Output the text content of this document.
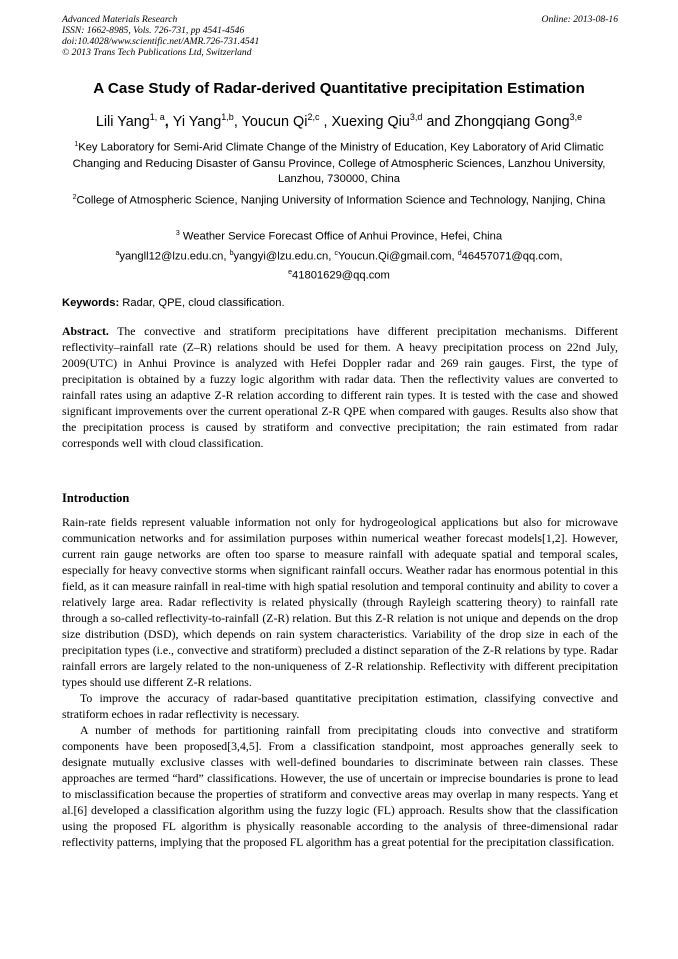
Advanced Materials Research
ISSN: 1662-8985, Vols. 726-731, pp 4541-4546
doi:10.4028/www.scientific.net/AMR.726-731.4541
© 2013 Trans Tech Publications Ltd, Switzerland
Online: 2013-08-16
A Case Study of Radar-derived Quantitative precipitation Estimation
Lili Yang$^{1, a}$, Yi Yang$^{1,b}$, Youcun Qi$^{2,c}$ , Xuexing Qiu$^{3,d}$ and Zhongqiang Gong$^{3,e}$
$^1$Key Laboratory for Semi-Arid Climate Change of the Ministry of Education, Key Laboratory of Arid Climatic Changing and Reducing Disaster of Gansu Province, College of Atmospheric Sciences, Lanzhou University, Lanzhou, 730000, China
$^2$College of Atmospheric Science, Nanjing University of Information Science and Technology, Nanjing, China
$^3$ Weather Service Forecast Office of Anhui Province, Hefei, China
$^a$yangll12@lzu.edu.cn, $^b$yangyi@lzu.edu.cn, $^c$Youcun.Qi@gmail.com, $^d$46457071@qq.com,
$^e$41801629@qq.com
Keywords: Radar, QPE, cloud classification.
Abstract. The convective and stratiform precipitations have different precipitation mechanisms. Different reflectivity–rainfall rate (Z–R) relations should be used for them. A heavy precipitation process on 22nd July, 2009(UTC) in Anhui Province is analyzed with Hefei Doppler radar and 269 rain gauges. First, the type of precipitation is obtained by a fuzzy logic algorithm with radar data. Then the reflectivity values are converted to rainfall rates using an adaptive Z-R relation according to different rain types. It is tested with the case and showed significant improvements over the current operational Z-R QPE when compared with gauges. Results also show that the precipitation process is caused by stratiform and convective precipitation; the rain estimated from radar corresponds well with cloud classification.
Introduction

Rain-rate fields represent valuable information not only for hydrogeological applications but also for microwave communication networks and for assimilation purposes within numerical weather forecast models[1,2]. However, current rain gauge networks are often too sparse to measure rainfall with adequate spatial and temporal scales, especially for heavy convective storms when significant rainfall occurs. Weather radar has enormous potential in this field, as it can measure rainfall in real-time with high spatial resolution and temporal continuity and ability to cover a relatively large area. Radar reflectivity is related physically (through Rayleigh scattering theory) to rainfall rate through a so-called reflectivity-to-rainfall (Z-R) relation. But this Z-R relation is not unique and depends on the drop size distribution (DSD), which depends on rain system characteristics. Variability of the drop size in each of the precipitation types (i.e., convective and stratiform) precluded a distinct separation of the Z-R relations by type. Radar rainfall errors are largely related to the non-uniqueness of Z-R relationship. Reflectivity with different precipitation types should use different Z-R relations.

To improve the accuracy of radar-based quantitative precipitation estimation, classifying convective and stratiform echoes in radar reflectivity is necessary.

A number of methods for partitioning rainfall from precipitating clouds into convective and stratiform components have been proposed[3,4,5]. From a classification standpoint, most approaches generally seek to designate mutually exclusive classes with well-defined boundaries to discriminate between rain classes. These approaches are termed “hard” classifications. However, the use of uncertain or imprecise boundaries is prone to lead to misclassification because the properties of stratiform and convective areas may overlap in many respects. Yang et al.[6] developed a classification algorithm using the fuzzy logic (FL) approach. Results show that the classification using the proposed FL algorithm is physically reasonable according to the analysis of three-dimensional radar reflectivity patterns, implying that the proposed FL algorithm has a great potential for the precipitation classification.
